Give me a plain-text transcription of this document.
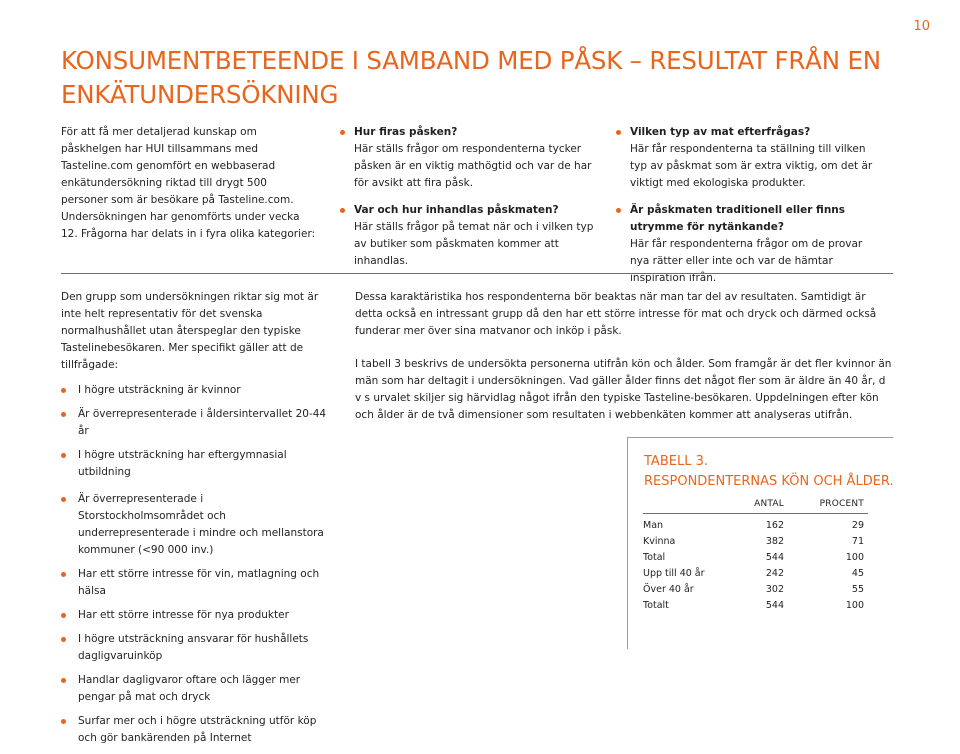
10
KONSUMENTBETEENDE I SAMBAND MED PÅSK – RESULTAT FRÅN EN ENKÄTUNDERSÖKNING
För att få mer detaljerad kunskap om påskhelgen har HUI tillsammans med Tasteline.com genomfört en webbaserad enkätundersökning riktad till drygt 500 personer som är besökare på Tasteline.com. Undersökningen har genomförts under vecka 12. Frågorna har delats in i fyra olika kategorier:
Hur firas påsken?
Här ställs frågor om respondenterna tycker påsken är en viktig mathögtid och var de har för avsikt att fira påsk.
Var och hur inhandlas påskmaten?
Här ställs frågor på temat när och i vilken typ av butiker som påskmaten kommer att inhandlas.
Vilken typ av mat efterfrågas?
Här får respondenterna ta ställning till vilken typ av påskmat som är extra viktig, om det är viktigt med ekologiska produkter.
Är påskmaten traditionell eller finns utrymme för nytänkande?
Här får respondenterna frågor om de provar nya rätter eller inte och var de hämtar inspiration ifrån.

Den grupp som undersökningen riktar sig mot är inte helt representativ för det svenska normalhushållet utan återspeglar den typiske Tastelinebesökaren. Mer specifikt gäller att de tillfrågade:

I högre utsträckning är kvinnor
Är överrepresenterade i åldersintervallet 20-44 år
I högre utsträckning har eftergymnasial utbildning
Är överrepresenterade i Storstockholmsområdet och underrepresenterade i mindre och mellanstora kommuner (<90 000 inv.)
Har ett större intresse för vin, matlagning och hälsa
Har ett större intresse för nya produkter
I högre utsträckning ansvarar för hushållets dagligvaruinköp
Handlar dagligvaror oftare och lägger mer pengar på mat och dryck
Surfar mer och i högre utsträckning utför köp och gör bankärenden på Internet

Dessa karaktäristika hos respondenterna bör beaktas när man tar del av resultaten. Samtidigt är detta också en intressant grupp då den har ett större intresse för mat och dryck och därmed också funderar mer över sina matvanor och inköp i påsk.

I tabell 3 beskrivs de undersökta personerna utifrån kön och ålder. Som framgår är det fler kvinnor än män som har deltagit i undersökningen. Vad gäller ålder finns det något fler som är äldre än 40 år, d v s urvalet skiljer sig härvidlag något ifrån den typiske Tasteline-besökaren. Uppdelningen efter kön och ålder är de två dimensioner som resultaten i webbenkäten kommer att analyseras utifrån.

TABELL 3.
RESPONDENTERNAS KÖN OCH ÅLDER.
ANTAL	PROCENT
Man	162	29
Kvinna	382	71
Total	544	100
Upp till 40 år	242	45
Över 40 år	302	55
Totalt	544	100
